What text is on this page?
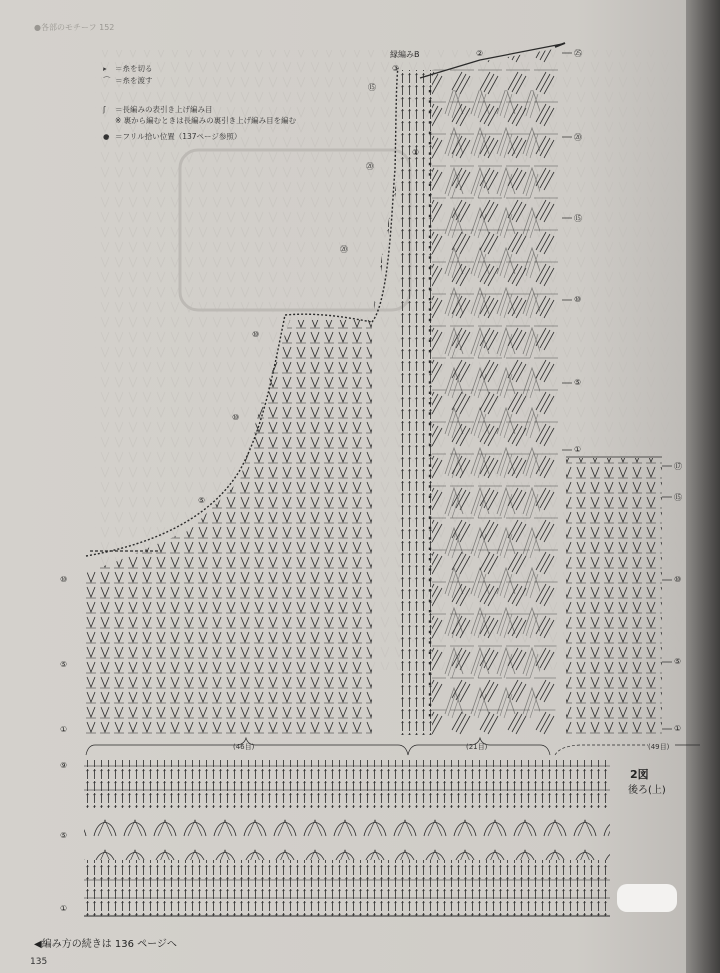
●各部のモチーフ 152
⑨
⑤
①
⑩
⑤
①
⑩
⑤
⑩
⑳
⑳
⑮
①
③
②
①
⑤
⑩
⑮
⑰
①
⑤
⑩
⑮
⑳
㉕
(46目)	(21目)	(49目)
2図
後ろ(上)
◀編み方の続きは 136 ページへ
135
